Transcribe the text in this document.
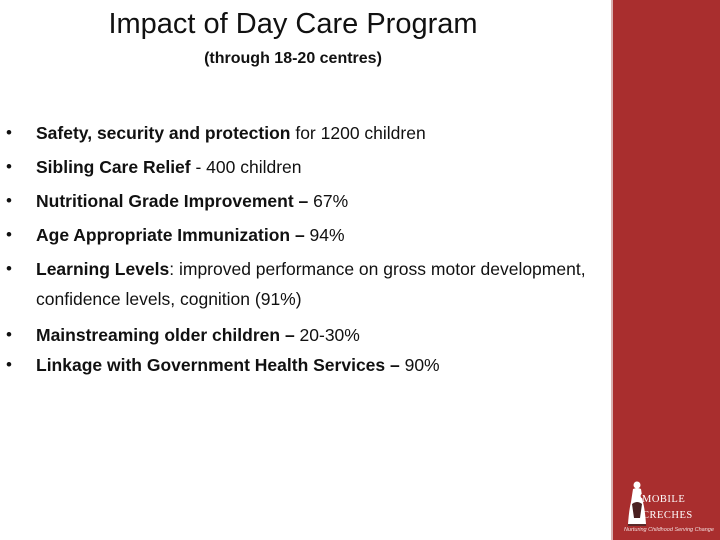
Impact of Day Care Program
(through 18-20 centres)
• Safety, security and protection for 1200 children
• Sibling Care Relief - 400 children
• Nutritional Grade Improvement – 67%
• Age Appropriate Immunization – 94%
• Learning Levels: improved performance on gross motor development, confidence levels, cognition (91%)
• Mainstreaming older children – 20-30%
• Linkage with Government Health Services – 90%
MOBILE
CRECHES
Nurturing Childhood Serving Change
